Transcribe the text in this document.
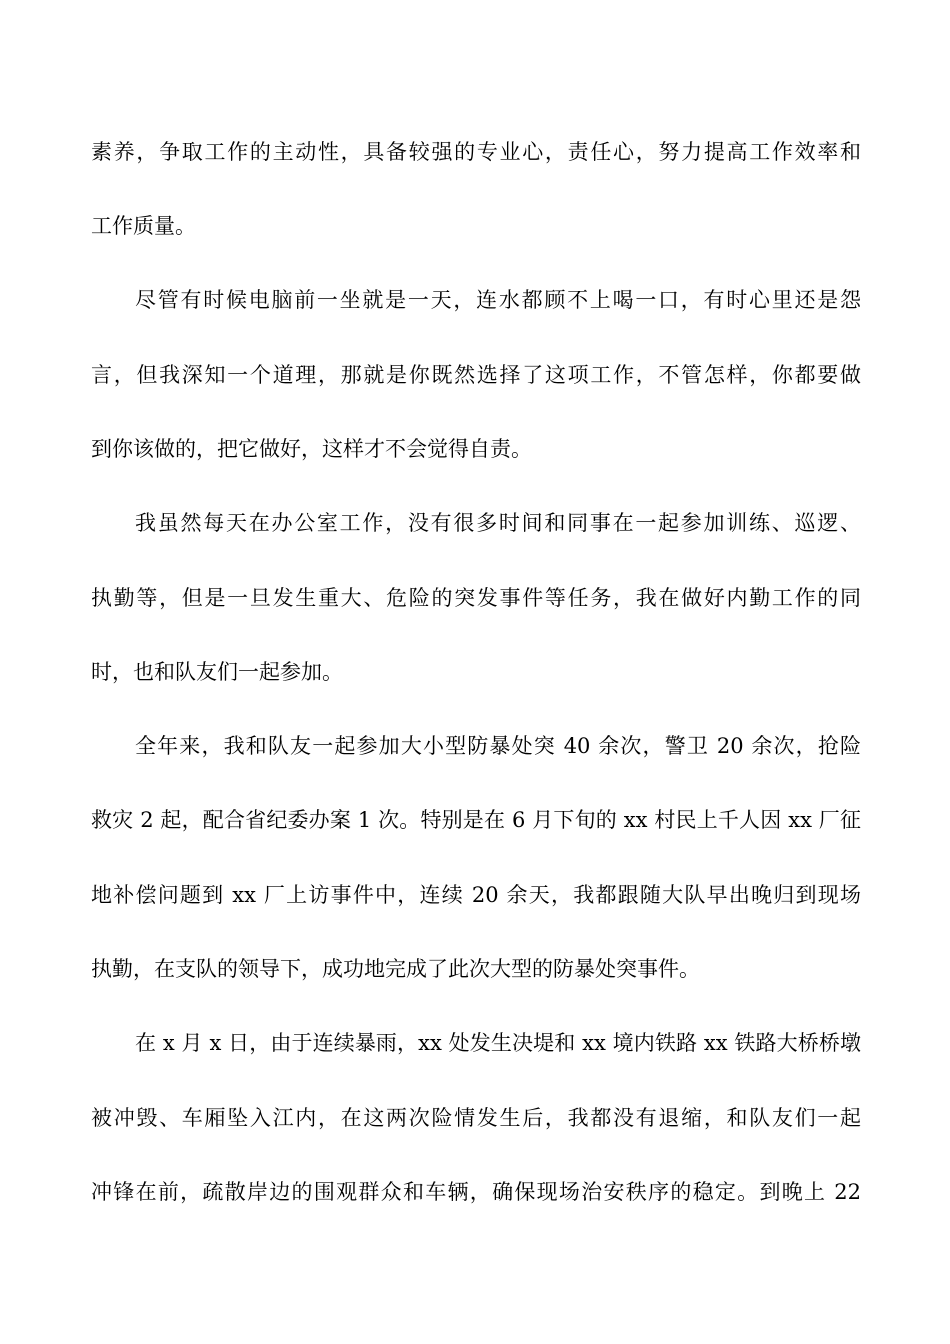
素养，争取工作的主动性，具备较强的专业心，责任心，努力提高工作效率和
工作质量。
尽管有时候电脑前一坐就是一天，连水都顾不上喝一口，有时心里还是怨
言，但我深知一个道理，那就是你既然选择了这项工作，不管怎样，你都要做
到你该做的，把它做好，这样才不会觉得自责。
我虽然每天在办公室工作，没有很多时间和同事在一起参加训练、巡逻、
执勤等，但是一旦发生重大、危险的突发事件等任务，我在做好内勤工作的同
时，也和队友们一起参加。
全年来，我和队友一起参加大小型防暴处突 40 余次，警卫 20 余次，抢险
救灾 2 起，配合省纪委办案 1 次。特别是在 6 月下旬的 xx 村民上千人因 xx 厂征
地补偿问题到 xx 厂上访事件中，连续 20 余天，我都跟随大队早出晚归到现场
执勤，在支队的领导下，成功地完成了此次大型的防暴处突事件。
在 x 月 x 日，由于连续暴雨，xx 处发生决堤和 xx 境内铁路 xx 铁路大桥桥墩
被冲毁、车厢坠入江内，在这两次险情发生后，我都没有退缩，和队友们一起
冲锋在前，疏散岸边的围观群众和车辆，确保现场治安秩序的稳定。到晚上 22
